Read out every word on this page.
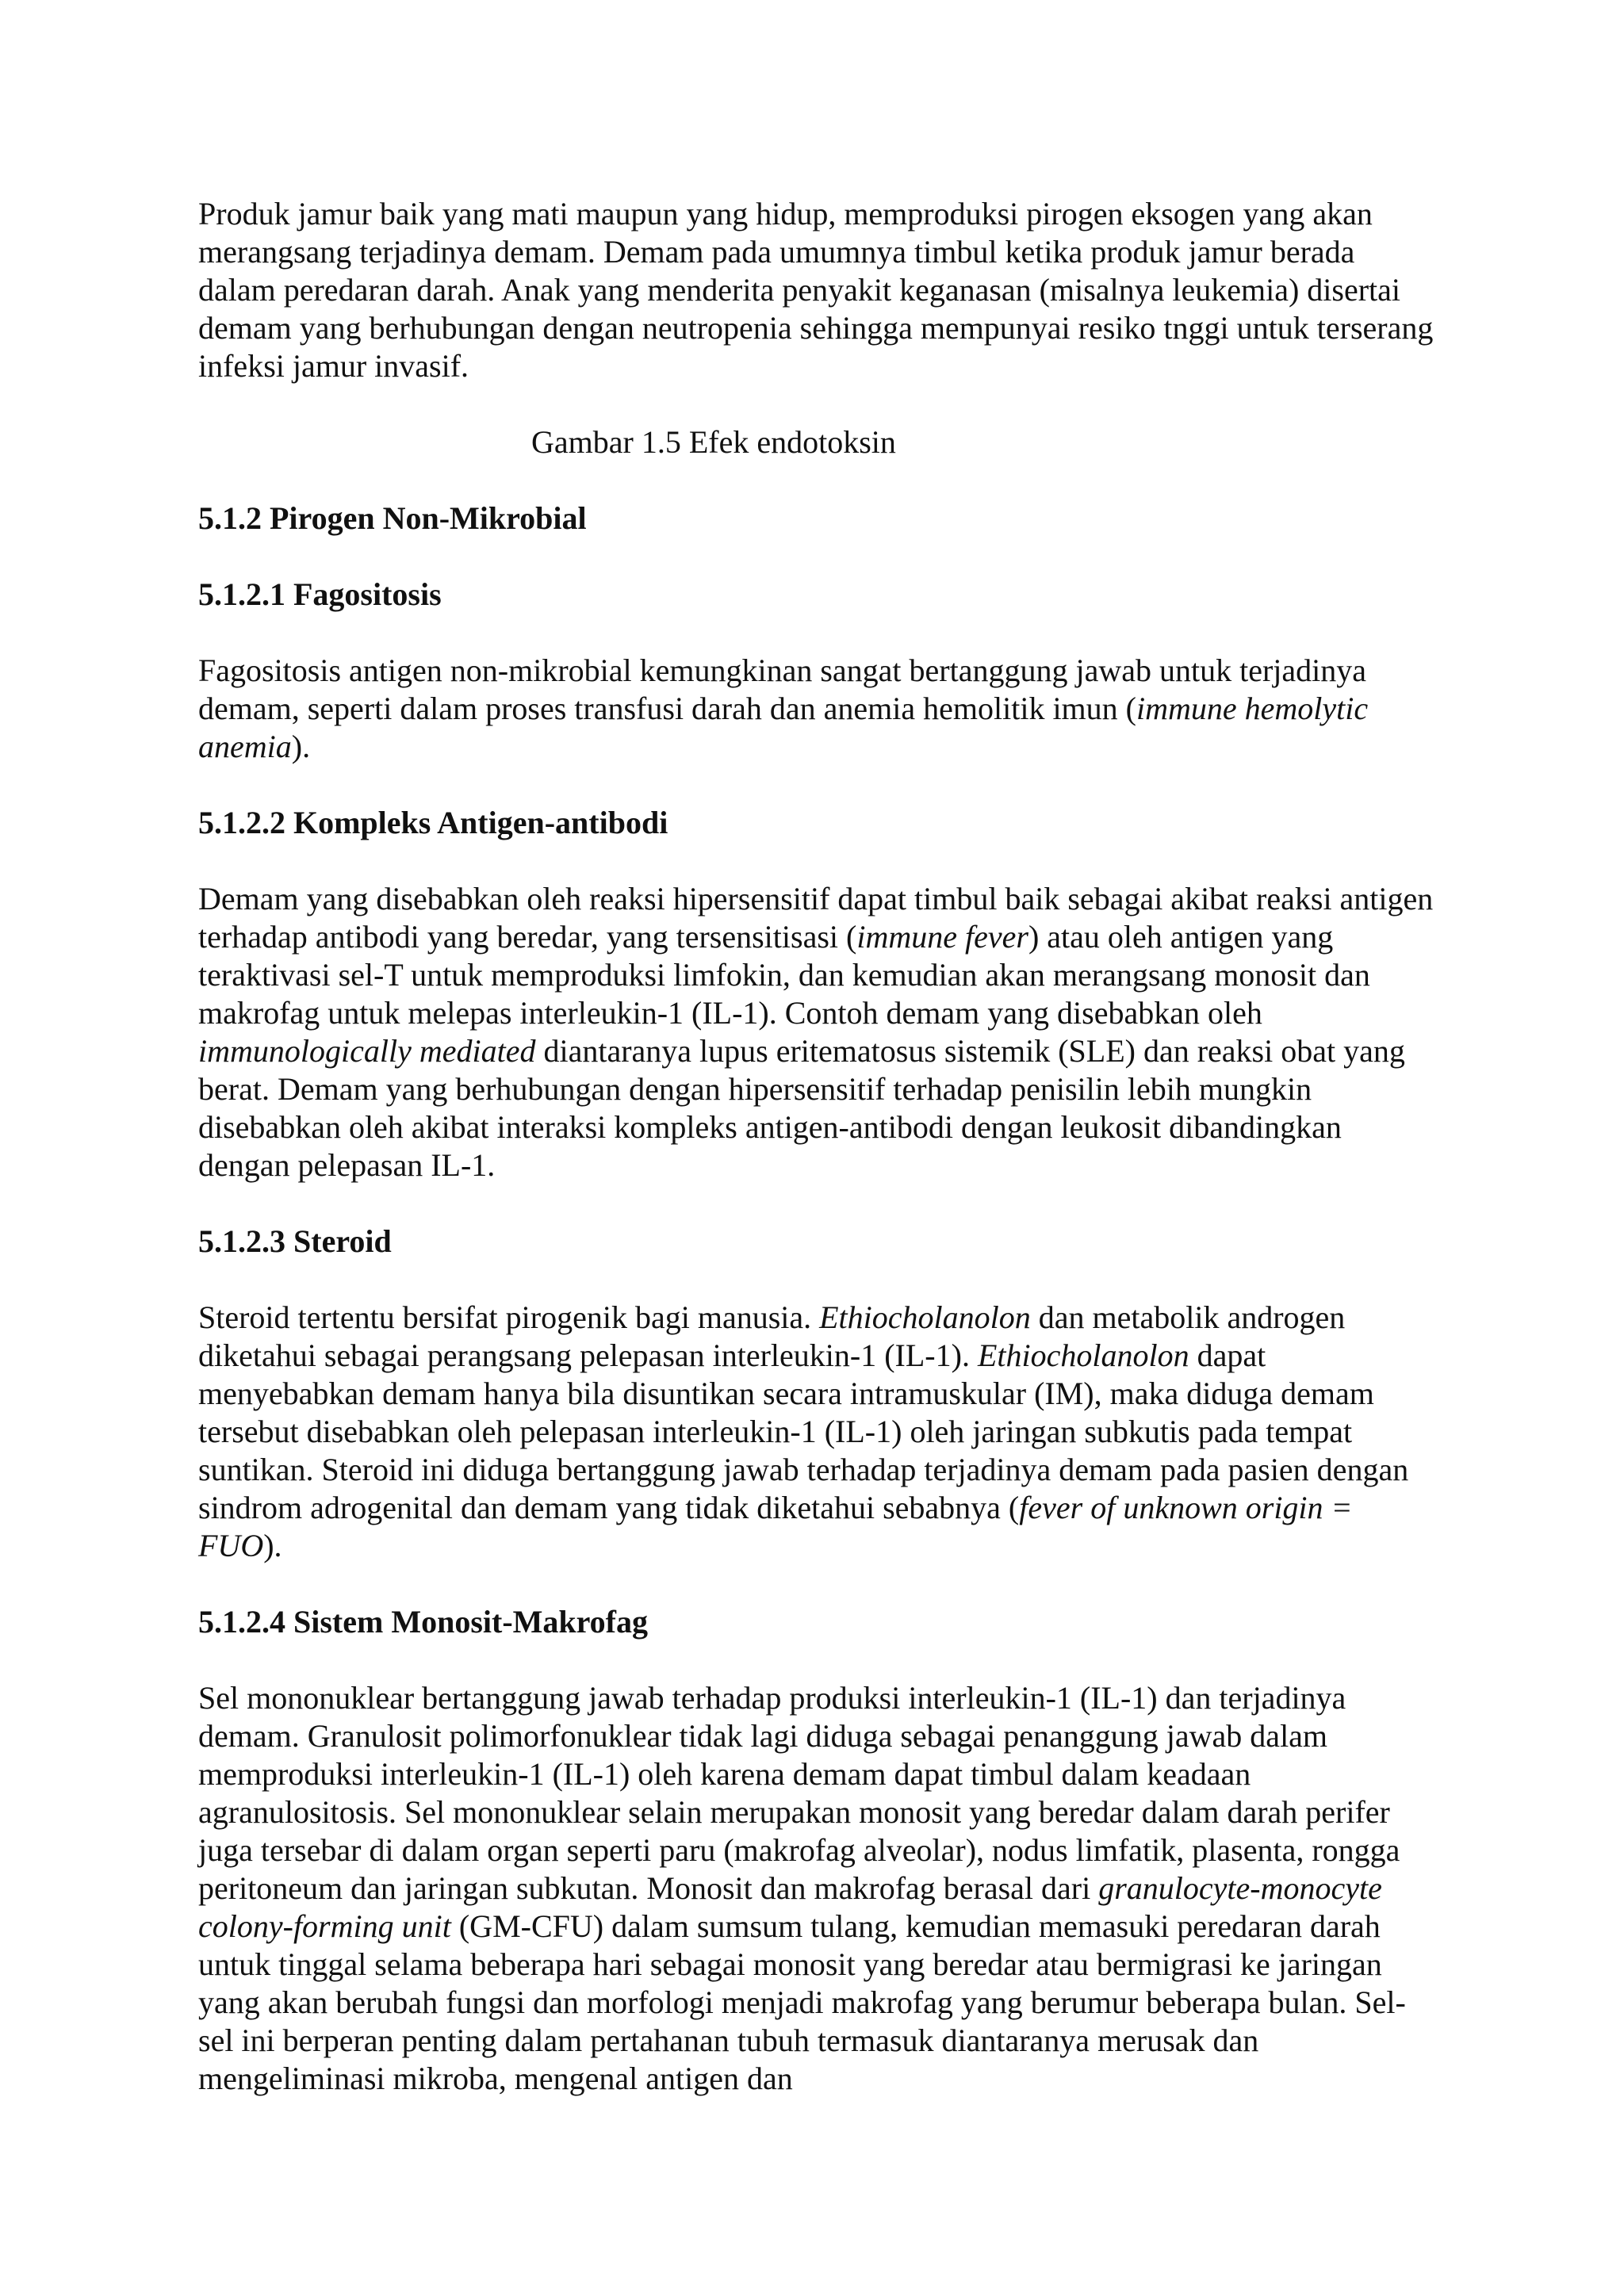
Produk jamur baik yang mati maupun yang hidup, memproduksi pirogen eksogen yang akan merangsang terjadinya demam. Demam pada umumnya timbul ketika produk jamur berada dalam peredaran darah. Anak yang menderita penyakit keganasan (misalnya leukemia) disertai demam yang berhubungan dengan neutropenia sehingga mempunyai resiko tnggi untuk terserang infeksi jamur invasif.

Gambar 1.5 Efek endotoksin

5.1.2 Pirogen Non-Mikrobial

5.1.2.1 Fagositosis

Fagositosis antigen non-mikrobial kemungkinan sangat bertanggung jawab untuk terjadinya demam, seperti dalam proses transfusi darah dan anemia hemolitik imun (immune hemolytic anemia).

5.1.2.2 Kompleks Antigen-antibodi

Demam yang disebabkan oleh reaksi hipersensitif dapat timbul baik sebagai akibat reaksi antigen terhadap antibodi yang beredar, yang tersensitisasi (immune fever) atau oleh antigen yang teraktivasi sel-T untuk memproduksi limfokin, dan kemudian akan merangsang monosit dan makrofag untuk melepas interleukin-1 (IL-1). Contoh demam yang disebabkan oleh immunologically mediated diantaranya lupus eritematosus sistemik (SLE) dan reaksi obat yang berat. Demam yang berhubungan dengan hipersensitif terhadap penisilin lebih mungkin disebabkan oleh akibat interaksi kompleks antigen-antibodi dengan leukosit dibandingkan dengan pelepasan IL-1.

5.1.2.3 Steroid

Steroid tertentu bersifat pirogenik bagi manusia. Ethiocholanolon dan metabolik androgen diketahui sebagai perangsang pelepasan interleukin-1 (IL-1). Ethiocholanolon dapat menyebabkan demam hanya bila disuntikan secara intramuskular (IM), maka diduga demam tersebut disebabkan oleh pelepasan interleukin-1 (IL-1) oleh jaringan subkutis pada tempat suntikan. Steroid ini diduga bertanggung jawab terhadap terjadinya demam pada pasien dengan sindrom adrogenital dan demam yang tidak diketahui sebabnya (fever of unknown origin = FUO).

5.1.2.4 Sistem Monosit-Makrofag

Sel mononuklear bertanggung jawab terhadap produksi interleukin-1 (IL-1) dan terjadinya demam. Granulosit polimorfonuklear tidak lagi diduga sebagai penanggung jawab dalam memproduksi interleukin-1 (IL-1) oleh karena demam dapat timbul dalam keadaan agranulositosis. Sel mononuklear selain merupakan monosit yang beredar dalam darah perifer juga tersebar di dalam organ seperti paru (makrofag alveolar), nodus limfatik, plasenta, rongga peritoneum dan jaringan subkutan. Monosit dan makrofag berasal dari granulocyte-monocyte colony-forming unit (GM-CFU) dalam sumsum tulang, kemudian memasuki peredaran darah untuk tinggal selama beberapa hari sebagai monosit yang beredar atau bermigrasi ke jaringan yang akan berubah fungsi dan morfologi menjadi makrofag yang berumur beberapa bulan. Sel-sel ini berperan penting dalam pertahanan tubuh termasuk diantaranya merusak dan mengeliminasi mikroba, mengenal antigen dan
